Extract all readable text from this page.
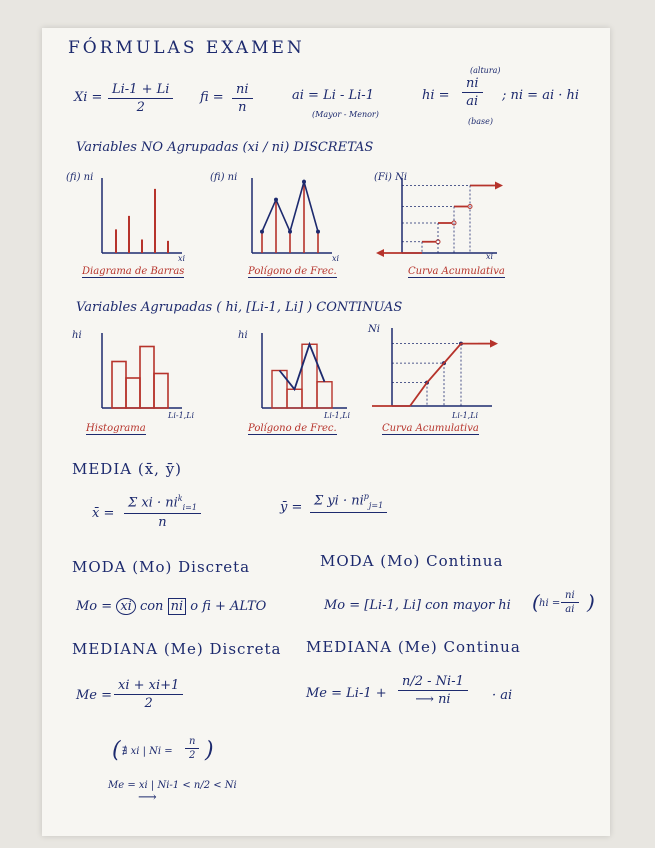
FÓRMULAS EXAMEN
Xi =
Li-1 + Li
2
fi =
ni
n
ai = Li - Li-1
(Mayor - Menor)
hi =
(altura)
ni
ai
(base)
; ni = ai · hi
Variables NO Agrupadas (xi / ni) DISCRETAS
(fi) ni	(fi) ni	(Fi) Ni
xi	xi	xi
Diagrama de Barras	Polígono de Frec.	Curva Acumulativa
Variables Agrupadas ( hi, [Li-1, Li] ) CONTINUAS
hi	hi
Ni
Li-1,Li	Li-1,Li	Li-1,Li
Histograma	Polígono de Frec.	Curva Acumulativa
MEDIA (x̄, ȳ)
x̄ =
Σ xi · $ni^k_{i=1}$
n
ȳ = Σ yi · $ni^p_{j=1}$
MODA (Mo) Discreta	MODA (Mo) Continua
Mo = xi con ni o fi + ALTO	Mo = [Li-1, Li] con mayor hi ( hi =
ni
ai )
MEDIANA (Me) Discreta MEDIANA (Me) Continua
Me =
xi + xi+1
2
Me = Li-1 +
n/2 - Ni-1
⟶ ni	· ai
( ∄ xi | Ni =
n
2 )
Me = xi | Ni-1 < n/2 < Ni
⟶
